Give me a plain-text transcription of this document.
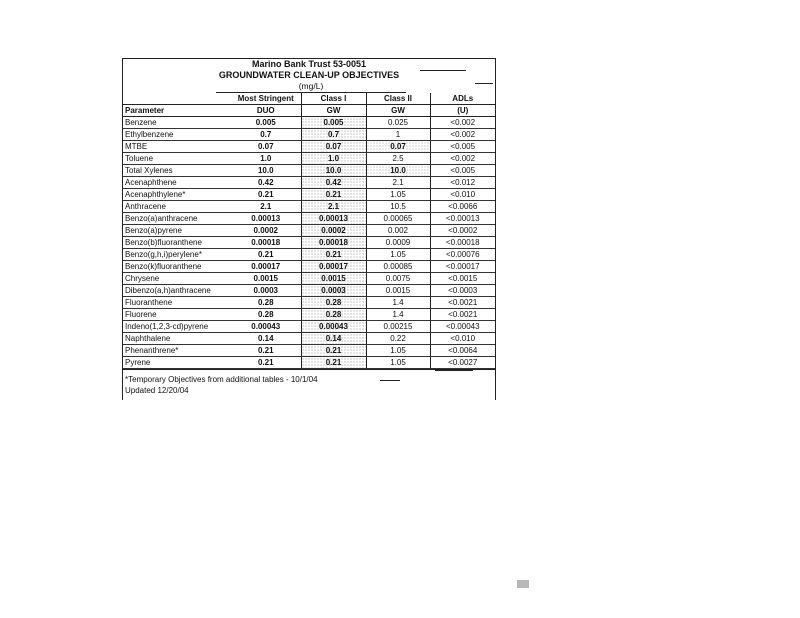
Marino Bank Trust 53-0051
GROUNDWATER CLEAN-UP OBJECTIVES
(mg/L)
	Most Stringent	Class I	Class II	ADLs
Parameter	DUO	GW	GW	(U)
Benzene	0.005	0.005	0.025	<0.002
Ethylbenzene	0.7	0.7	1	<0.002
MTBE	0.07	0.07	0.07	<0.005
Toluene	1.0	1.0	2.5	<0.002
Total Xylenes	10.0	10.0	10.0	<0.005
Acenaphthene	0.42	0.42	2.1	<0.012
Acenaphthylene*	0.21	0.21	1.05	<0.010
Anthracene	2.1	2.1	10.5	<0.0066
Benzo(a)anthracene	0.00013	0.00013	0.00065	<0.00013
Benzo(a)pyrene	0.0002	0.0002	0.002	<0.0002
Benzo(b)fluoranthene	0.00018	0.00018	0.0009	<0.00018
Benzo(g,h,i)perylene*	0.21	0.21	1.05	<0.00076
Benzo(k)fluoranthene	0.00017	0.00017	0.00085	<0.00017
Chrysene	0.0015	0.0015	0.0075	<0.0015
Dibenzo(a,h)anthracene	0.0003	0.0003	0.0015	<0.0003
Fluoranthene	0.28	0.28	1.4	<0.0021
Fluorene	0.28	0.28	1.4	<0.0021
Indeno(1,2,3-cd)pyrene	0.00043	0.00043	0.00215	<0.00043
Naphthalene	0.14	0.14	0.22	<0.010
Phenanthrene*	0.21	0.21	1.05	<0.0064
Pyrene	0.21	0.21	1.05	<0.0027
*Temporary Objectives from additional tables - 10/1/04
Updated 12/20/04
